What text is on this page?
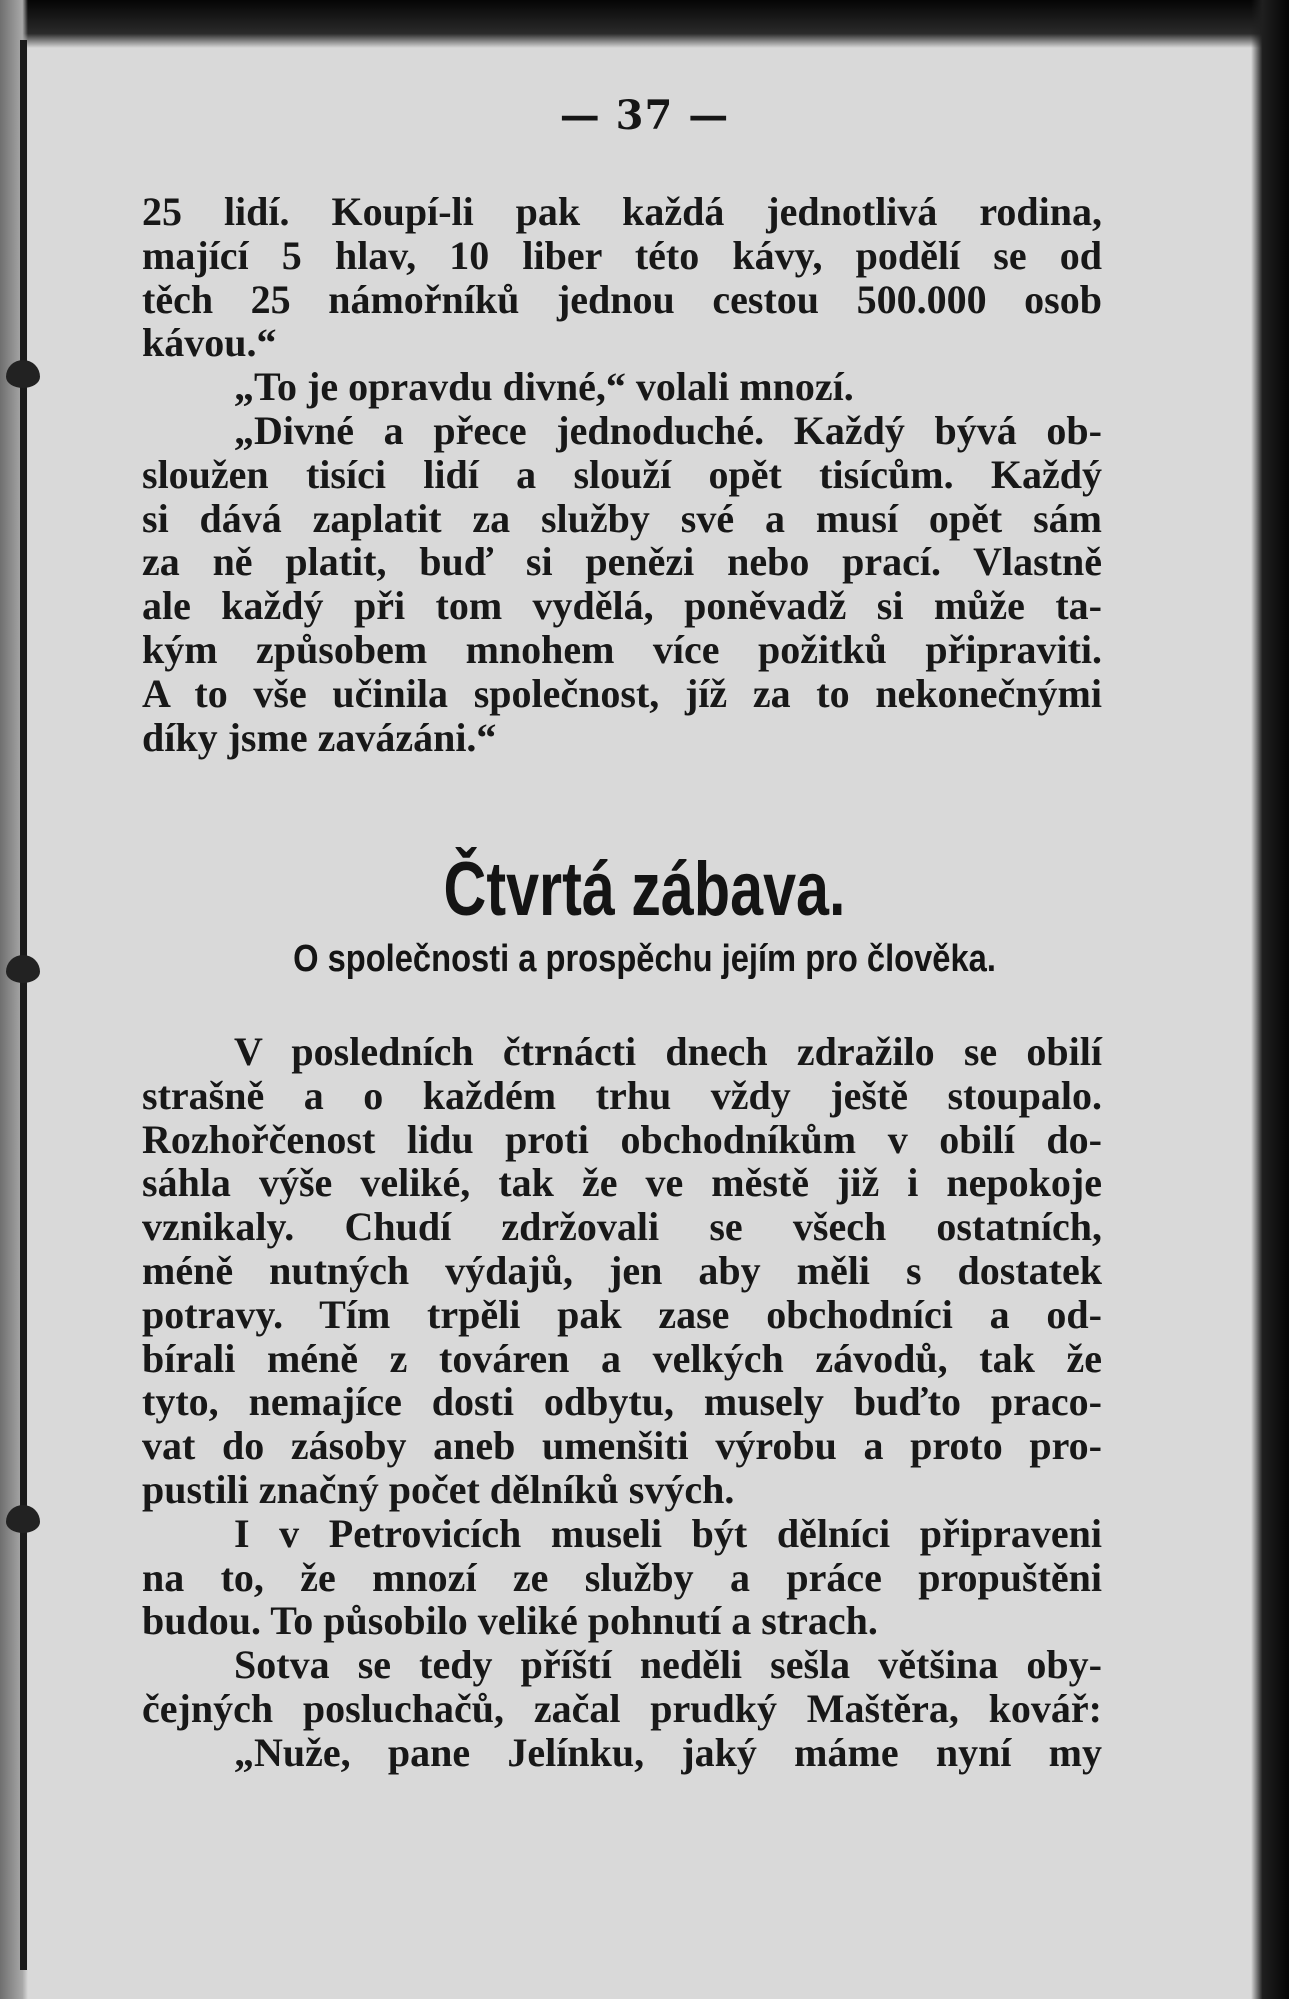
— 37 —
25 lidí. Koupí-li pak každá jednotlivá rodina,
mající 5 hlav, 10 liber této kávy, podělí se od
těch 25 námořníků jednou cestou 500.000 osob
kávou.“
„To je opravdu divné,“ volali mnozí.
„Divné a přece jednoduché. Každý bývá ob-
sloužen tisíci lidí a slouží opět tisícům. Každý
si dává zaplatit za služby své a musí opět sám
za ně platit, buď si penězi nebo prací. Vlastně
ale každý při tom vydělá, poněvadž si může ta-
kým způsobem mnohem více požitků připraviti.
A to vše učinila společnost, jíž za to nekonečnými
díky jsme zavázáni.“
Čtvrtá zábava.
O společnosti a prospěchu jejím pro člověka.
V posledních čtrnácti dnech zdražilo se obilí
strašně a o každém trhu vždy ještě stoupalo.
Rozhořčenost lidu proti obchodníkům v obilí do-
sáhla výše veliké, tak že ve městě již i nepokoje
vznikaly. Chudí zdržovali se všech ostatních,
méně nutných výdajů, jen aby měli s dostatek
potravy. Tím trpěli pak zase obchodníci a od-
bírali méně z továren a velkých závodů, tak že
tyto, nemajíce dosti odbytu, musely buďto praco-
vat do zásoby aneb umenšiti výrobu a proto pro-
pustili značný počet dělníků svých.
I v Petrovicích museli být dělníci připraveni
na to, že mnozí ze služby a práce propuštěni
budou. To působilo veliké pohnutí a strach.
Sotva se tedy příští neděli sešla většina oby-
čejných posluchačů, začal prudký Maštěra, kovář:
„Nuže, pane Jelínku, jaký máme nyní my
